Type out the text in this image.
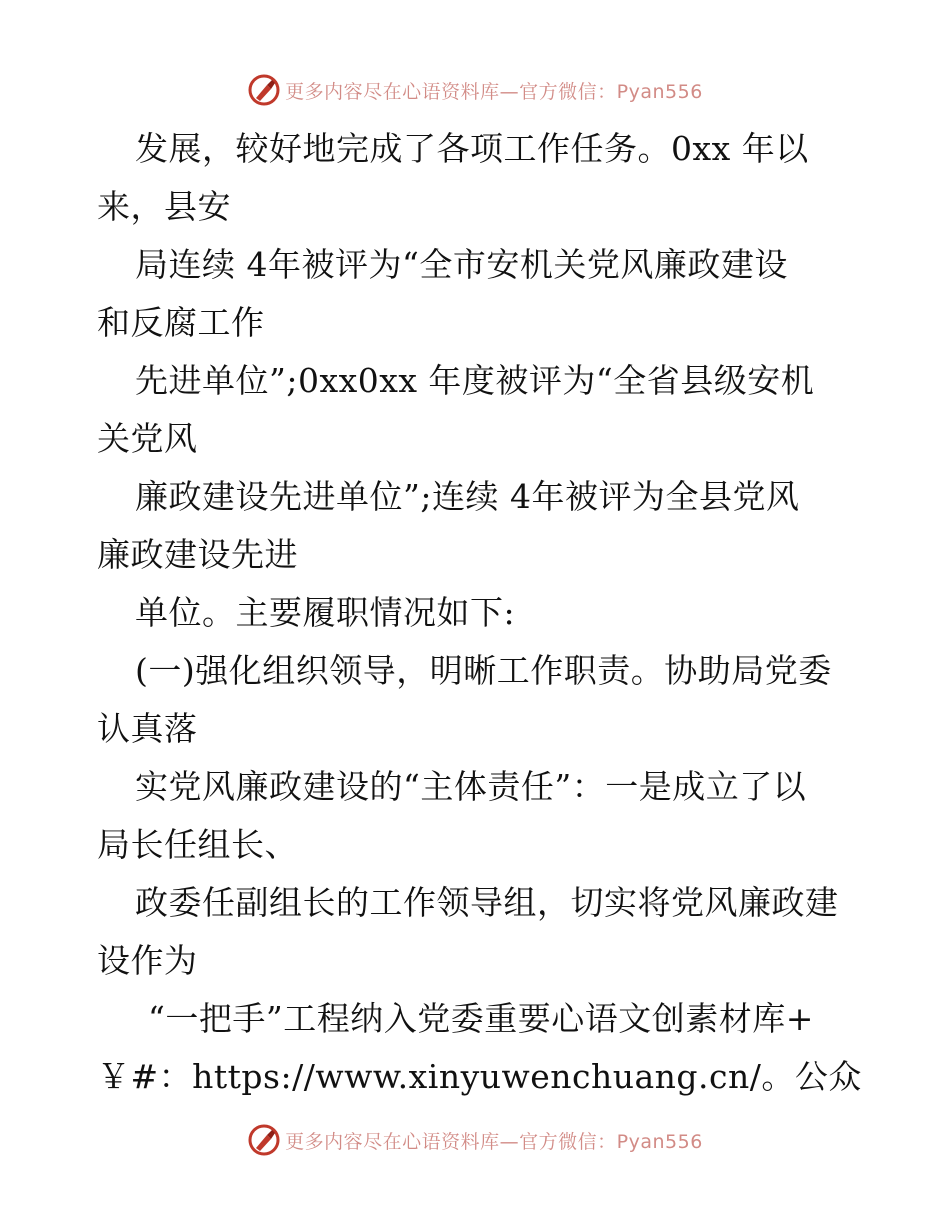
更多内容尽在心语资料库—官方微信：Pyan556
发展，较好地完成了各项工作任务。0xx 年以
来，县安
局连续 4年被评为“全市安机关党风廉政建设
和反腐工作
先进单位”;0xx0xx 年度被评为“全省县级安机
关党风
廉政建设先进单位”;连续 4年被评为全县党风
廉政建设先进
单位。主要履职情况如下:
(一)强化组织领导，明晰工作职责。协助局党委
认真落
实党风廉政建设的“主体责任”：一是成立了以
局长任组长、
政委任副组长的工作领导组，切实将党风廉政建
设作为
“一把手”工程纳入党委重要心语文创素材库+
￥#：https://www.xinyuwenchuang.cn/。公众
更多内容尽在心语资料库—官方微信：Pyan556
